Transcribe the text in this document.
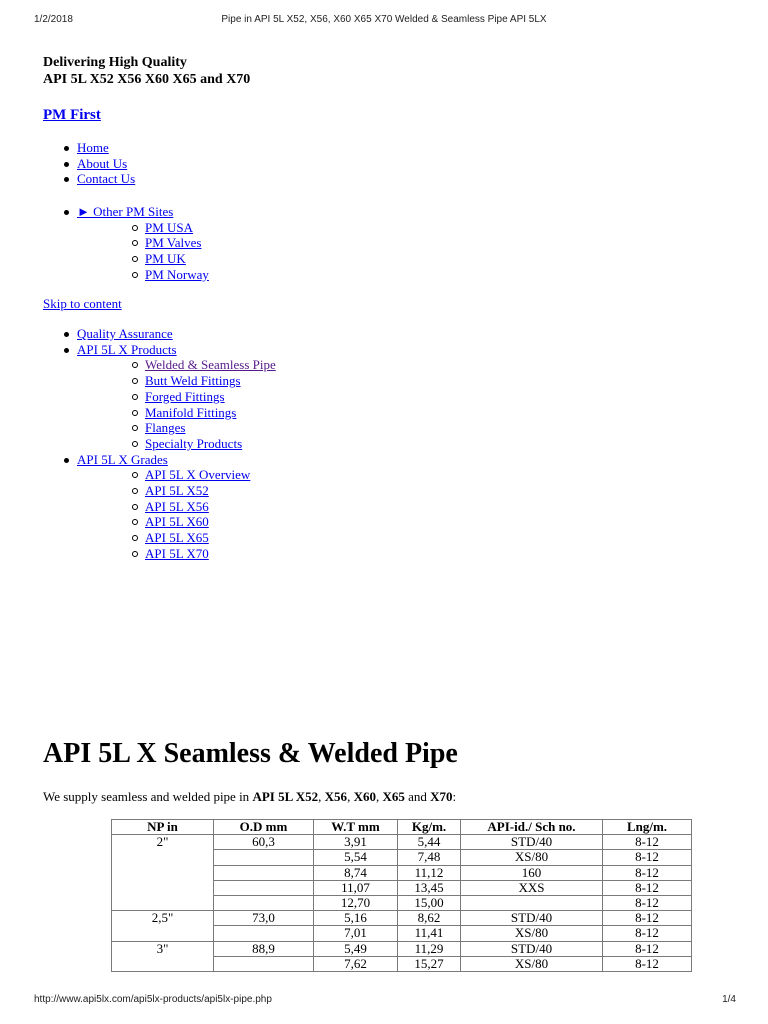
1/2/2018	Pipe in API 5L X52, X56, X60 X65 X70 Welded & Seamless Pipe API 5LX
Delivering High Quality
API 5L X52 X56 X60 X65 and X70
PM First
Home
About Us
Contact Us
► Other PM Sites
PM USA
PM Valves
PM UK
PM Norway
Skip to content
Quality Assurance
API 5L X Products
Welded & Seamless Pipe
Butt Weld Fittings
Forged Fittings
Manifold Fittings
Flanges
Specialty Products
API 5L X Grades
API 5L X Overview
API 5L X52
API 5L X56
API 5L X60
API 5L X65
API 5L X70
API 5L X Seamless & Welded Pipe
We supply seamless and welded pipe in API 5L X52, X56, X60, X65 and X70:
NP in	O.D mm	W.T mm	Kg/m.	API-id./ Sch no.	Lng/m.
2"	60,3	3,91	5,44	STD/40	8-12
		5,54	7,48	XS/80	8-12
		8,74	11,12	160	8-12
		11,07	13,45	XXS	8-12
		12,70	15,00		8-12
2,5"	73,0	5,16	8,62	STD/40	8-12
		7,01	11,41	XS/80	8-12
3"	88,9	5,49	11,29	STD/40	8-12
		7,62	15,27	XS/80	8-12
http://www.api5lx.com/api5lx-products/api5lx-pipe.php	1/4
